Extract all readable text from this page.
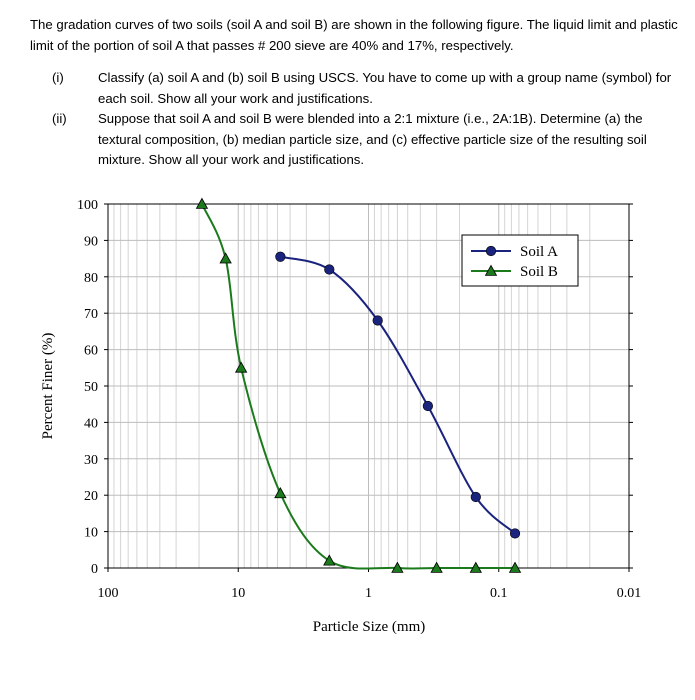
The gradation curves of two soils (soil A and soil B) are shown in the following figure. The liquid limit and plastic limit of the portion of soil A that passes # 200 sieve are 40% and 17%, respectively.
(i)	Classify (a) soil A and (b) soil B using USCS. You have to come up with a group name (symbol) for each soil. Show all your work and justifications.
(ii)	Suppose that soil A and soil B were blended into a 2:1 mixture (i.e., 2A:1B). Determine (a) the textural composition, (b) median particle size, and (c) effective particle size of the resulting soil mixture. Show all your work and justifications.
0
10
20
30
40
50
60
70
80
90
100
100	10	1	0.1	0.01
Particle Size (mm)
Percent Finer (%)
Soil A
Soil B
